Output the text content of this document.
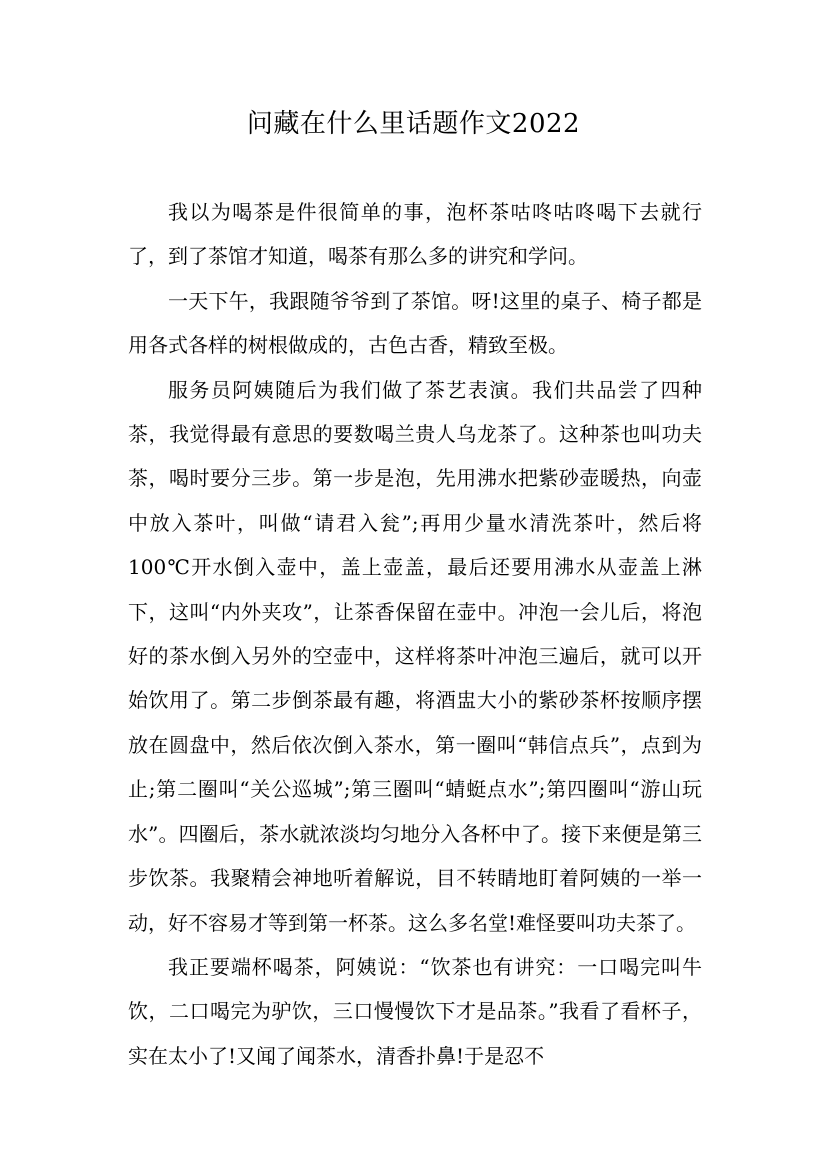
问藏在什么里话题作文2022

我以为喝茶是件很简单的事，泡杯茶咕咚咕咚喝下去就行了，到了茶馆才知道，喝茶有那么多的讲究和学问。

一天下午，我跟随爷爷到了茶馆。呀!这里的桌子、椅子都是用各式各样的树根做成的，古色古香，精致至极。

服务员阿姨随后为我们做了茶艺表演。我们共品尝了四种茶，我觉得最有意思的要数喝兰贵人乌龙茶了。这种茶也叫功夫茶，喝时要分三步。第一步是泡，先用沸水把紫砂壶暖热，向壶中放入茶叶，叫做“请君入瓮”;再用少量水清洗茶叶，然后将100℃开水倒入壶中，盖上壶盖，最后还要用沸水从壶盖上淋下，这叫“内外夹攻”，让茶香保留在壶中。冲泡一会儿后，将泡好的茶水倒入另外的空壶中，这样将茶叶冲泡三遍后，就可以开始饮用了。第二步倒茶最有趣，将酒盅大小的紫砂茶杯按顺序摆放在圆盘中，然后依次倒入茶水，第一圈叫“韩信点兵”，点到为止;第二圈叫“关公巡城”;第三圈叫“蜻蜓点水”;第四圈叫“游山玩水”。四圈后，茶水就浓淡均匀地分入各杯中了。接下来便是第三步饮茶。我聚精会神地听着解说，目不转睛地盯着阿姨的一举一动，好不容易才等到第一杯茶。这么多名堂!难怪要叫功夫茶了。

我正要端杯喝茶，阿姨说：“饮茶也有讲究：一口喝完叫牛饮，二口喝完为驴饮，三口慢慢饮下才是品茶。”我看了看杯子，实在太小了!又闻了闻茶水，清香扑鼻!于是忍不
